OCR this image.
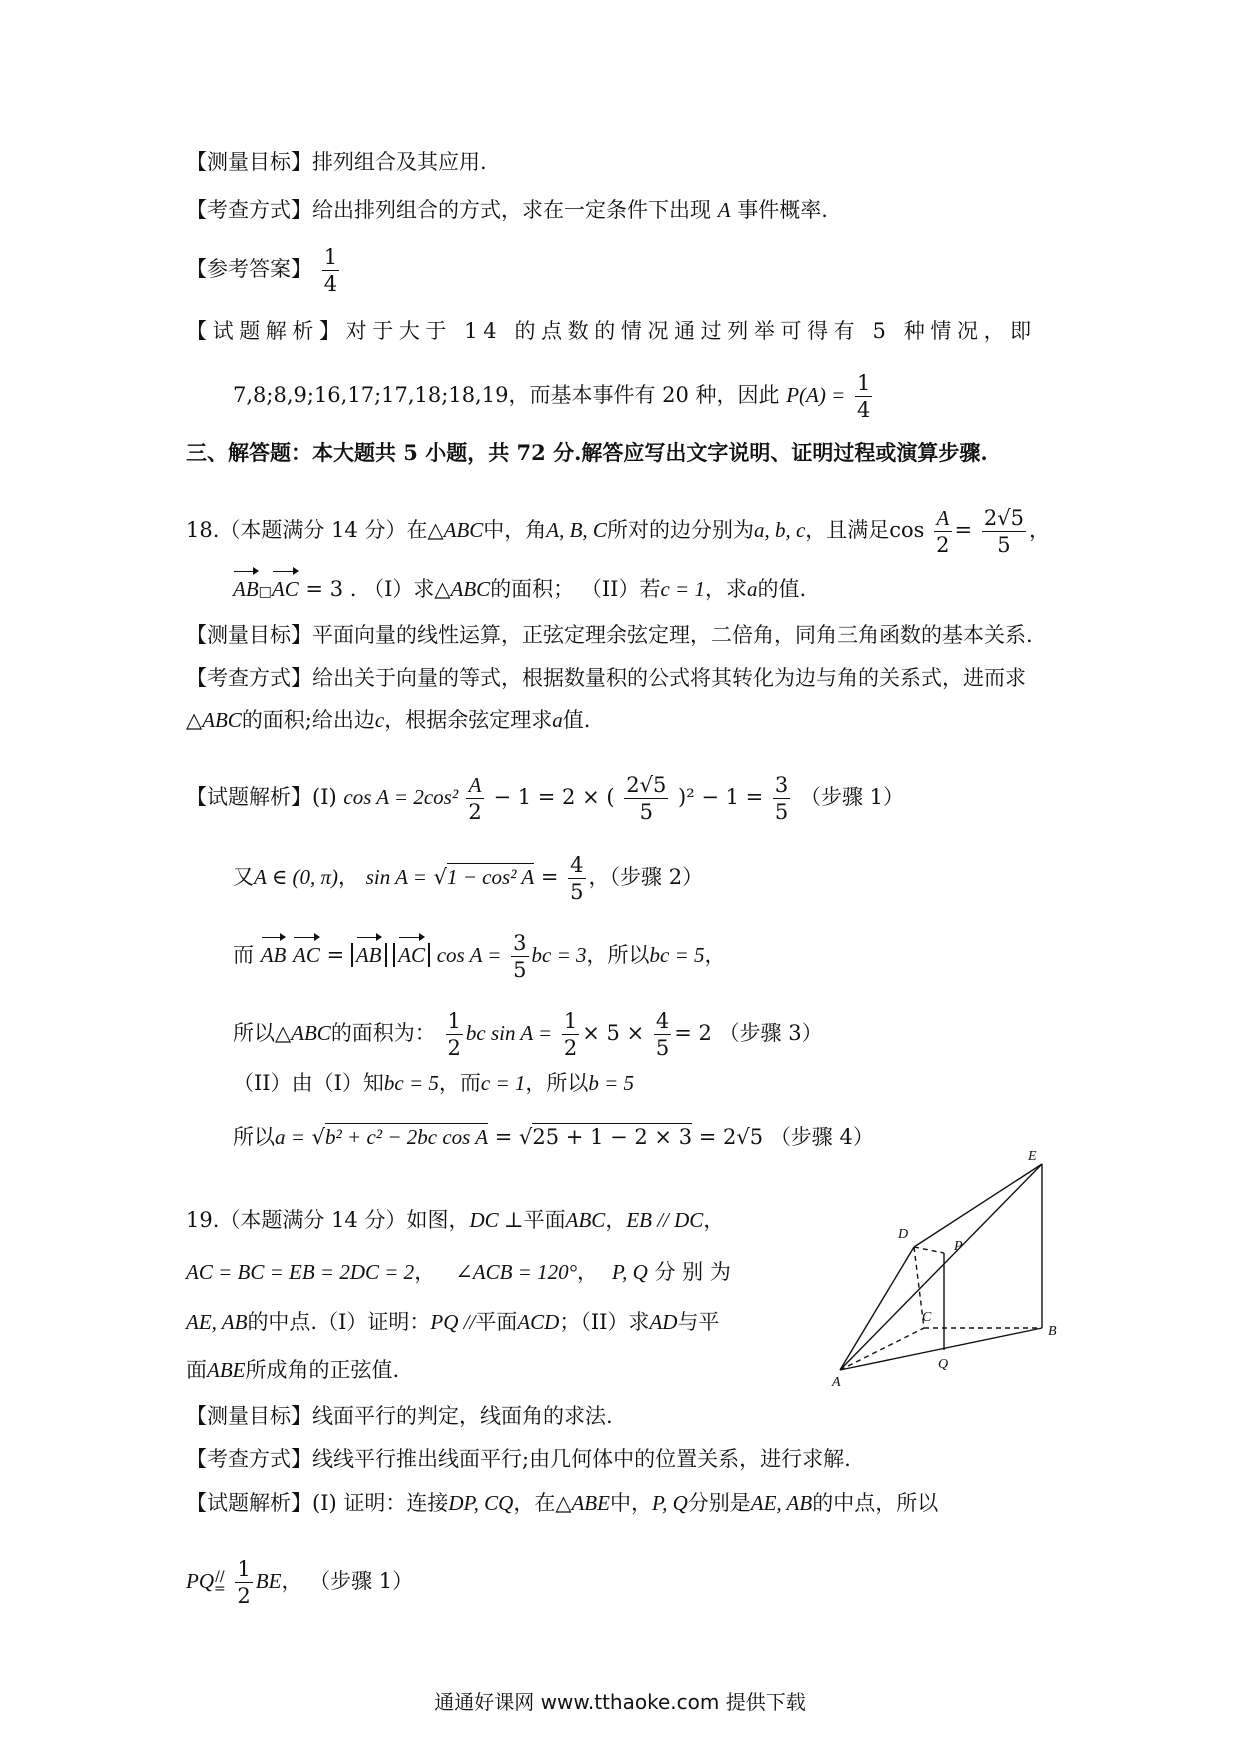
【测量目标】排列组合及其应用.
【考查方式】给出排列组合的方式，求在一定条件下出现 A 事件概率.
【参考答案】 $\frac{1}{4}$
【试题解析】对于大于 14 的点数的情况通过列举可得有 5 种情况，即
7,8;8,9;16,17;17,18;18,19，而基本事件有 20 种，因此 $P(A) = \frac{1}{4}$
三、解答题：本大题共 5 小题，共 72 分.解答应写出文字说明、证明过程或演算步骤.
18.（本题满分 14 分）在△ABC中，角A, B, C所对的边分别为a, b, c，且满足$\cos \frac{A}{2} = \frac{2√5}{5}$ ，
AB□AC = 3 . （I）求△ABC的面积； （II）若c = 1，求a的值.
【测量目标】平面向量的线性运算，正弦定理余弦定理，二倍角，同角三角函数的基本关系.
【考查方式】给出关于向量的等式，根据数量积的公式将其转化为边与角的关系式，进而求
△ABC的面积;给出边c，根据余弦定理求a值.
【试题解析】(I) $\cos A = 2\cos^2 \frac{A}{2} - 1 = 2$ × ( $\frac{2√5}{5} )^2 - 1 = \frac{3}{5}$ （步骤 1）
又A ∈ (0, π)， sin A = √1 − cos² $A = \frac{4}{5}$ ，（步骤 2）
而 AB AC = AB AC $\cos A = \frac{3}{5}$ bc = 3，所以bc = 5，
所以△ABC的面积为： $\frac{1}{2}$ bc $\sin A = \frac{1}{2} \times 5 \times \frac{4}{5} = 2$ （步骤 3）
（II）由（I）知bc = 5，而c = 1，所以b = 5
所以a = √b² + c² − 2bc cos A = √25 + 1 − 2 × 3 = 2√5 （步骤 4）
19.（本题满分 14 分）如图，DC ⊥平面ABC，EB // DC，
AC = BC = EB = 2DC = 2， ∠ACB = 120°， P, Q 分 别 为
AE, AB的中点.（I）证明：PQ //平面ACD；（II）求AD与平
面ABE所成角的正弦值.
E
D
P
C
B
Q
A
【测量目标】线面平行的判定，线面角的求法.
【考查方式】线线平行推出线面平行;由几何体中的位置关系，进行求解.
【试题解析】(I) 证明：连接DP, CQ，在△ABE中，P, Q分别是AE, AB的中点，所以
PQ//
= $\frac{1}{2}$ BE， （步骤 1）
通通好课网 www.tthaoke.com 提供下载
